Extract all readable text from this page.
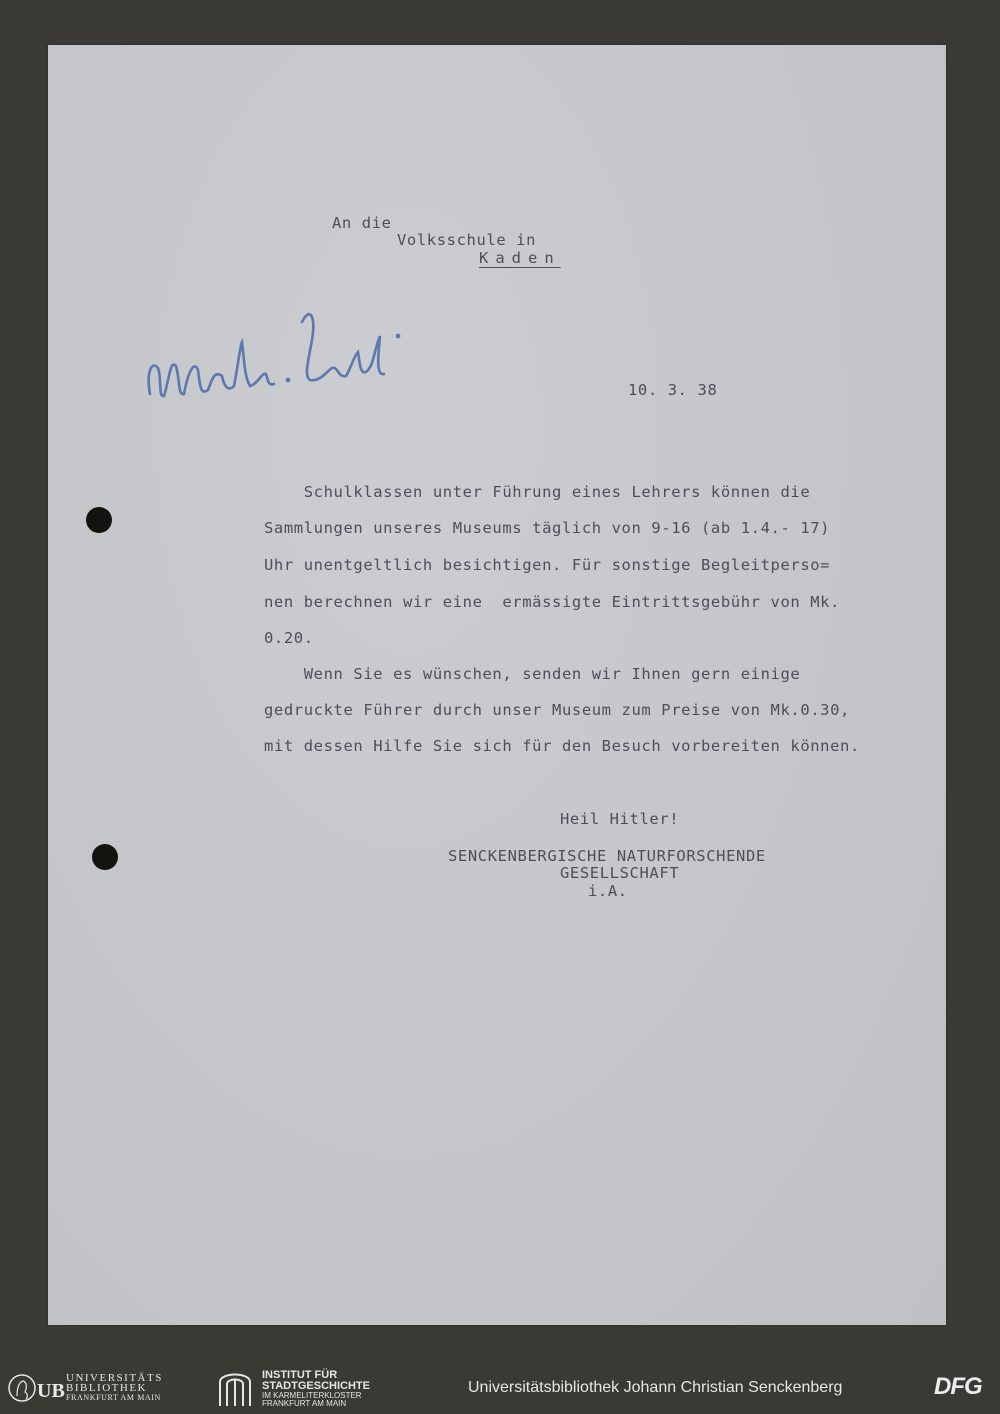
An die
Volksschule in
Kaden
10. 3. 38
Schulklassen unter Führung eines Lehrers können die
Sammlungen unseres Museums täglich von 9-16 (ab 1.4.- 17)
Uhr unentgeltlich besichtigen. Für sonstige Begleitperso=
nen berechnen wir eine  ermässigte Eintrittsgebühr von Mk.
0.20.
Wenn Sie es wünschen, senden wir Ihnen gern einige
gedruckte Führer durch unser Museum zum Preise von Mk.0.30,
mit dessen Hilfe Sie sich für den Besuch vorbereiten können.
Heil Hitler!
SENCKENBERGISCHE NATURFORSCHENDE
GESELLSCHAFT
i.A.
UB
UNIVERSITÄTS
BIBLIOTHEK
FRANKFURT AM MAIN
INSTITUT FÜR
STADTGESCHICHTE
IM KARMELITERKLOSTER
FRANKFURT AM MAIN
Universitätsbibliothek Johann Christian Senckenberg	DFG
